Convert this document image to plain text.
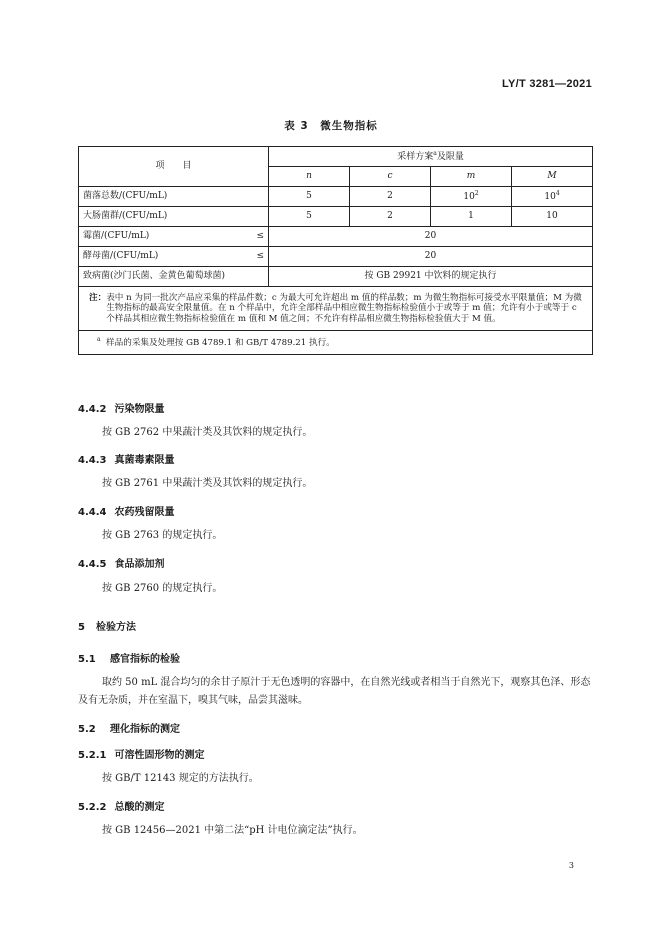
LY/T 3281—2021
表 3　微生物指标
项　　目	采样方案$^a$及限量			
	n	c	m	M
菌落总数/(CFU/mL)	5	2	$10^2$	$10^4$
大肠菌群/(CFU/mL)	5	2	1	10

霉菌/(CFU/mL) ≤	20			

酵母菌/(CFU/mL) ≤	20			
致病菌(沙门氏菌、金黄色葡萄球菌)	按 GB 29921 中饮料的规定执行			

注： 表中 n 为同一批次产品应采集的样品件数；c 为最大可允许超出 m 值的样品数；m 为微生物指标可接受水平限量值；M 为微生物指标的最高安全限量值。在 n 个样品中，允许全部样品中相应微生物指标检验值小于或等于 m 值；允许有小于或等于 c 个样品其相应微生物指标检验值在 m 值和 M 值之间；不允许有样品相应微生物指标检验值大于 M 值。				

$^a$ 样品的采集及处理按 GB 4789.1 和 GB/T 4789.21 执行。				
4.4.2 污染物限量
按 GB 2762 中果蔬汁类及其饮料的规定执行。
4.4.3 真菌毒素限量
按 GB 2761 中果蔬汁类及其饮料的规定执行。
4.4.4 农药残留限量
按 GB 2763 的规定执行。
4.4.5 食品添加剂
按 GB 2760 的规定执行。
5 检验方法
5.1 感官指标的检验
取约 50 mL 混合均匀的余甘子原汁于无色透明的容器中，在自然光线或者相当于自然光下，观察其色泽、形态及有无杂质，并在室温下，嗅其气味，品尝其滋味。
5.2 理化指标的测定
5.2.1 可溶性固形物的测定
按 GB/T 12143 规定的方法执行。
5.2.2 总酸的测定
按 GB 12456—2021 中第二法“pH 计电位滴定法”执行。
3
